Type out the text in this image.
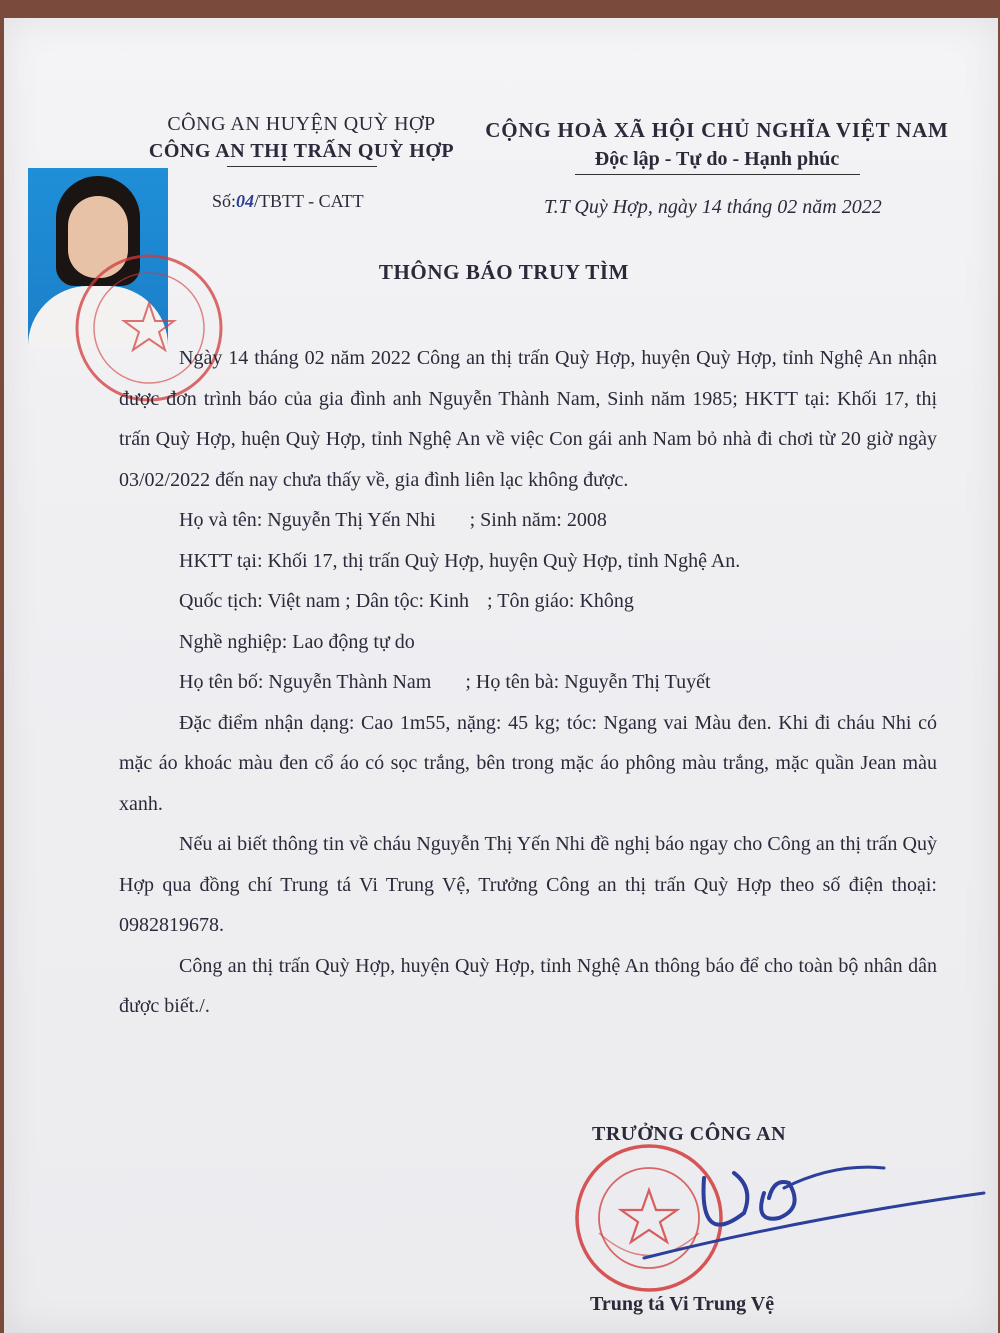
CÔNG AN HUYỆN QUỲ HỢP
CÔNG AN THỊ TRẤN QUỲ HỢP
CỘNG HOÀ XÃ HỘI CHỦ NGHĨA VIỆT NAM
Độc lập - Tự do - Hạnh phúc
Số:04/TBTT - CATT	T.T Quỳ Hợp, ngày 14 tháng 02 năm 2022
THÔNG BÁO TRUY TÌM

Ngày 14 tháng 02 năm 2022 Công an thị trấn Quỳ Hợp, huyện Quỳ Hợp, tỉnh Nghệ An nhận được đơn trình báo của gia đình anh Nguyễn Thành Nam, Sinh năm 1985; HKTT tại: Khối 17, thị trấn Quỳ Hợp, huện Quỳ Hợp, tỉnh Nghệ An về việc Con gái anh Nam bỏ nhà đi chơi từ 20 giờ ngày 03/02/2022 đến nay chưa thấy về, gia đình liên lạc không được.

Họ và tên: Nguyễn Thị Yến Nhi ; Sinh năm: 2008

HKTT tại: Khối 17, thị trấn Quỳ Hợp, huyện Quỳ Hợp, tỉnh Nghệ An.

Quốc tịch: Việt nam ; Dân tộc: Kinh ; Tôn giáo: Không

Nghề nghiệp: Lao động tự do

Họ tên bố: Nguyễn Thành Nam ; Họ tên bà: Nguyễn Thị Tuyết

Đặc điểm nhận dạng: Cao 1m55, nặng: 45 kg; tóc: Ngang vai Màu đen. Khi đi cháu Nhi có mặc áo khoác màu đen cổ áo có sọc trắng, bên trong mặc áo phông màu trắng, mặc quần Jean màu xanh.

Nếu ai biết thông tin về cháu Nguyễn Thị Yến Nhi đề nghị báo ngay cho Công an thị trấn Quỳ Hợp qua đồng chí Trung tá Vi Trung Vệ, Trưởng Công an thị trấn Quỳ Hợp theo số điện thoại: 0982819678.

Công an thị trấn Quỳ Hợp, huyện Quỳ Hợp, tỉnh Nghệ An thông báo để cho toàn bộ nhân dân được biết./.

TRƯỞNG CÔNG AN
Trung tá Vi Trung Vệ
